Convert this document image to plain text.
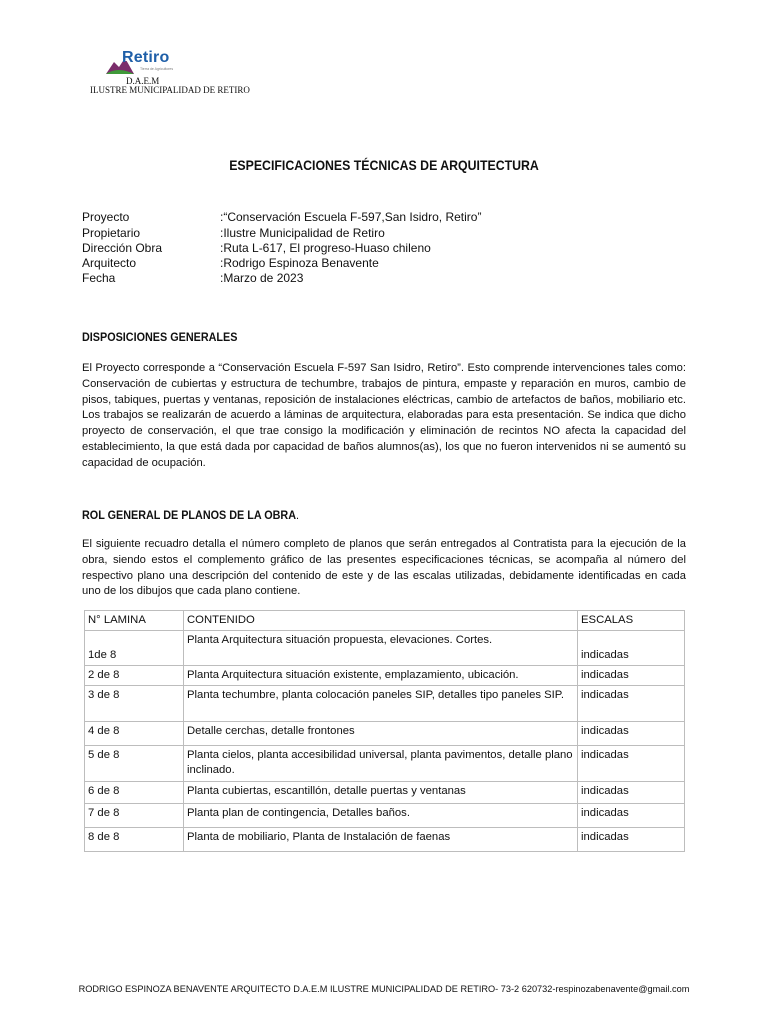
Retiro
Tierra de Agricultores
D.A.E.M
ILUSTRE MUNICIPALIDAD DE RETIRO
ESPECIFICACIONES TÉCNICAS DE ARQUITECTURA
Proyecto	:“Conservación Escuela F-597,San Isidro, Retiro”
Propietario	:Ilustre Municipalidad de Retiro
Dirección Obra	:Ruta L-617, El progreso-Huaso chileno
Arquitecto	:Rodrigo Espinoza Benavente
Fecha	:Marzo de 2023
DISPOSICIONES GENERALES
El Proyecto corresponde a “Conservación Escuela F-597 San Isidro, Retiro”. Esto comprende intervenciones tales como: Conservación de cubiertas y estructura de techumbre, trabajos de pintura, empaste y reparación en muros, cambio de pisos, tabiques, puertas y ventanas, reposición de instalaciones eléctricas, cambio de artefactos de baños, mobiliario etc. Los trabajos se realizarán de acuerdo a láminas de arquitectura, elaboradas para esta presentación. Se indica que dicho proyecto de conservación, el que trae consigo la modificación y eliminación de recintos NO afecta la capacidad del establecimiento, la que está dada por capacidad de baños alumnos(as), los que no fueron intervenidos ni se aumentó su capacidad de ocupación.
ROL GENERAL DE PLANOS DE LA OBRA.
El siguiente recuadro detalla el número completo de planos que serán entregados al Contratista para la ejecución de la obra, siendo estos el complemento gráfico de las presentes especificaciones técnicas, se acompaña al número del respectivo plano una descripción del contenido de este y de las escalas utilizadas, debidamente identificadas en cada uno de los dibujos que cada plano contiene.
N° LAMINA	CONTENIDO	ESCALAS
1de 8	Planta Arquitectura situación propuesta, elevaciones. Cortes.	indicadas
2 de 8	Planta Arquitectura situación existente, emplazamiento, ubicación.	indicadas
3 de 8	Planta techumbre, planta colocación paneles SIP, detalles tipo paneles SIP.	indicadas
4 de 8	Detalle cerchas, detalle frontones	indicadas
5 de 8	Planta cielos, planta accesibilidad universal, planta pavimentos, detalle plano inclinado.	indicadas
6 de 8	Planta cubiertas, escantillón, detalle puertas y ventanas	indicadas
7 de 8	Planta plan de contingencia, Detalles baños.	indicadas
8 de 8	Planta de mobiliario, Planta de Instalación de faenas	indicadas
RODRIGO ESPINOZA BENAVENTE ARQUITECTO D.A.E.M ILUSTRE MUNICIPALIDAD DE RETIRO- 73-2 620732-respinozabenavente@gmail.com
